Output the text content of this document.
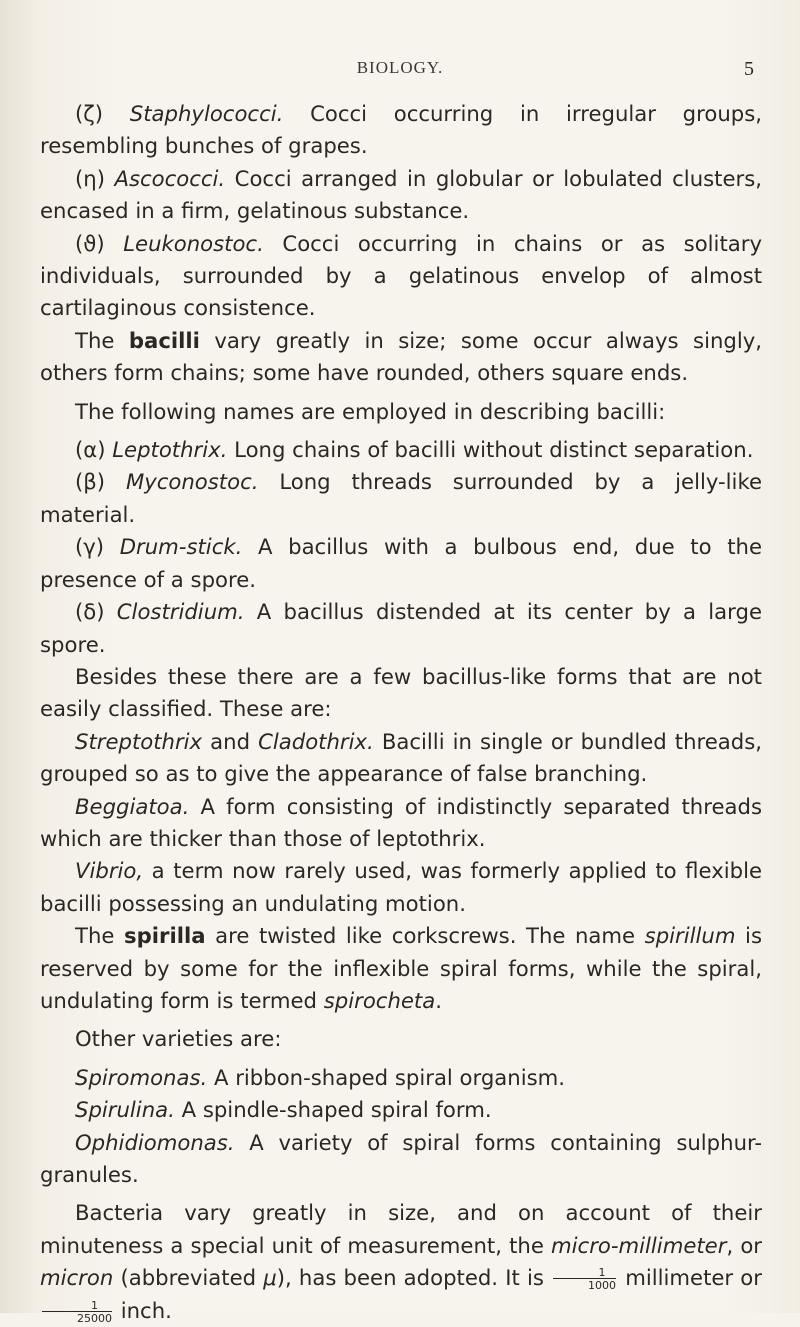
BIOLOGY.	5

(ζ) Staphylococci. Cocci occurring in irregular groups, resembling bunches of grapes.

(η) Ascococci. Cocci arranged in globular or lobulated clusters, encased in a firm, gelatinous substance.

(ϑ) Leukonostoc. Cocci occurring in chains or as solitary individuals, surrounded by a gelatinous envelop of almost cartilaginous consistence.

The bacilli vary greatly in size; some occur always singly, others form chains; some have rounded, others square ends.

The following names are employed in describing bacilli:

(α) Leptothrix. Long chains of bacilli without distinct separation.

(β) Myconostoc. Long threads surrounded by a jelly-like material.

(γ) Drum-stick. A bacillus with a bulbous end, due to the presence of a spore.

(δ) Clostridium. A bacillus distended at its center by a large spore.

Besides these there are a few bacillus-like forms that are not easily classified. These are:

Streptothrix and Cladothrix. Bacilli in single or bundled threads, grouped so as to give the appearance of false branching.

Beggiatoa. A form consisting of indistinctly separated threads which are thicker than those of leptothrix.

Vibrio, a term now rarely used, was formerly applied to flexible bacilli possessing an undulating motion.

The spirilla are twisted like corkscrews. The name spirillum is reserved by some for the inflexible spiral forms, while the spiral, undulating form is termed spirocheta.

Other varieties are:

Spiromonas. A ribbon-shaped spiral organism.

Spirulina. A spindle-shaped spiral form.

Ophidiomonas. A variety of spiral forms containing sulphur-granules.

Bacteria vary greatly in size, and on account of their minuteness a special unit of measurement, the micro-millimeter, or micron (abbreviated μ), has been adopted. It is $\frac{1}{1000}$ millimeter or
$\frac{1}{25000}$ inch.
